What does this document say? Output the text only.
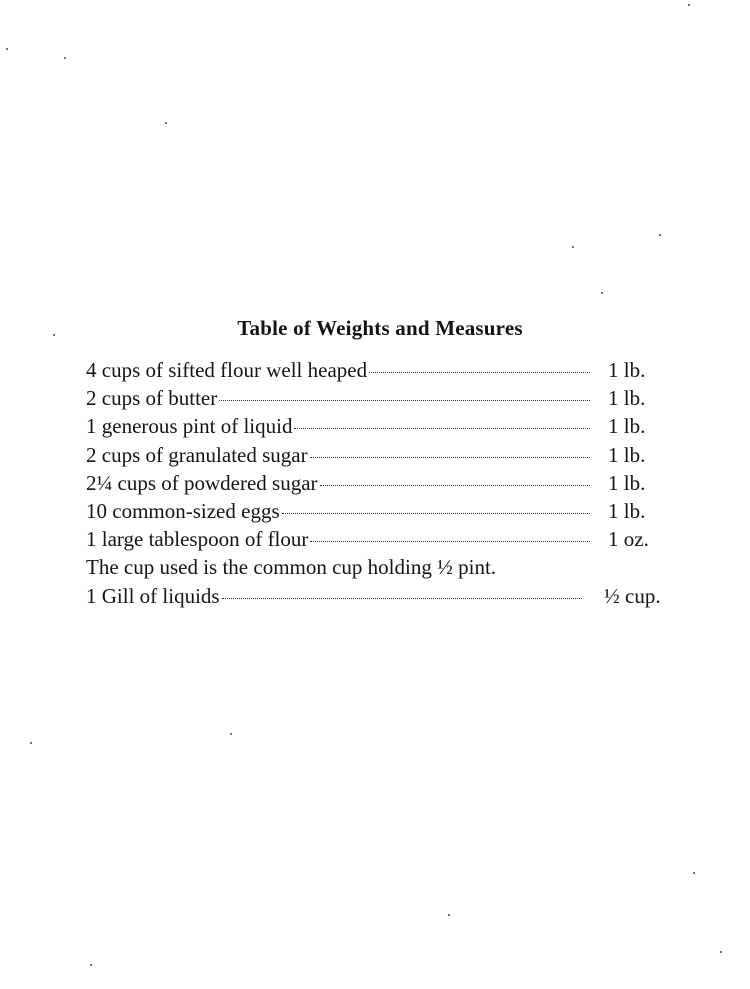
Table of Weights and Measures
4 cups of sifted flour well heaped	1 lb.
2 cups of butter	1 lb.
1 generous pint of liquid	1 lb.
2 cups of granulated sugar	1 lb.
2¼ cups of powdered sugar	1 lb.
10 common-sized eggs	1 lb.
1 large tablespoon of flour	1 oz.
The cup used is the common cup holding ½ pint.
1 Gill of liquids	½ cup.
